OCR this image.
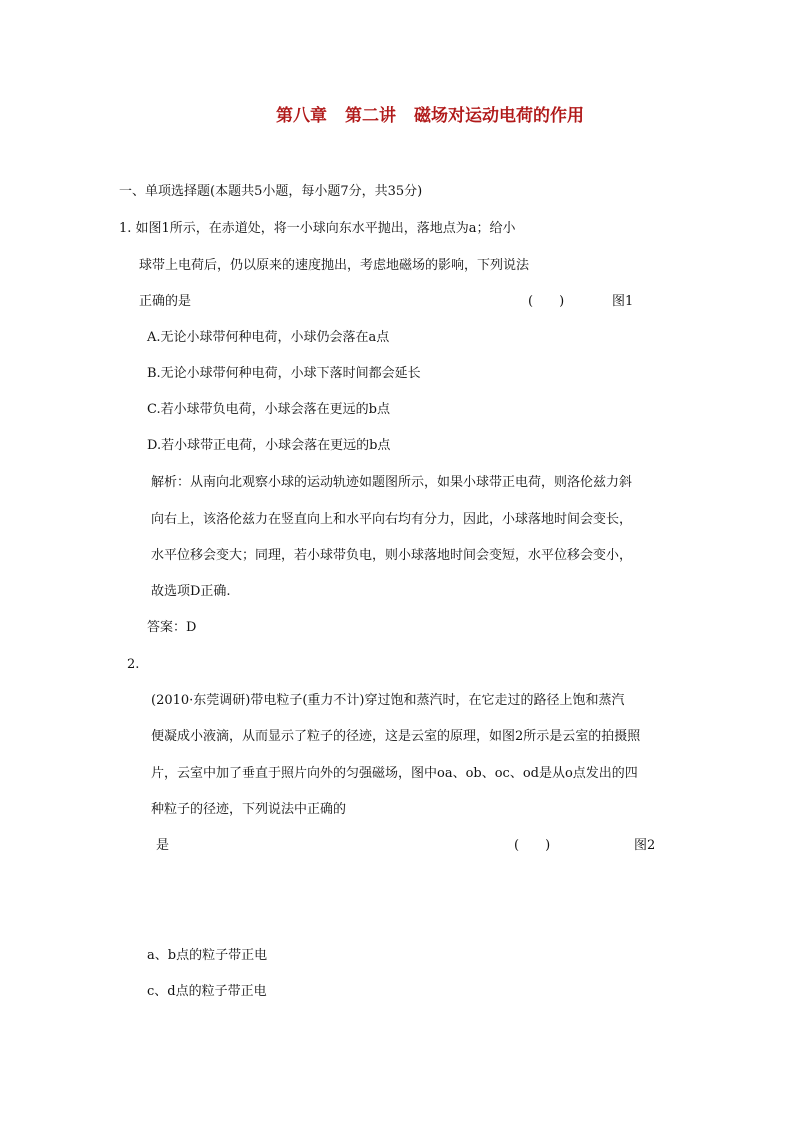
第八章 第二讲 磁场对运动电荷的作用
一、单项选择题(本题共5小题，每小题7分，共35分)
1. 如图1所示，在赤道处，将一小球向东水平抛出，落地点为a；给小
球带上电荷后，仍以原来的速度抛出，考虑地磁场的影响，下列说法
正确的是	(　　)	图1
A.无论小球带何种电荷，小球仍会落在a点
B.无论小球带何种电荷，小球下落时间都会延长
C.若小球带负电荷，小球会落在更远的b点
D.若小球带正电荷，小球会落在更远的b点
解析：从南向北观察小球的运动轨迹如题图所示，如果小球带正电荷，则洛伦兹力斜
向右上，该洛伦兹力在竖直向上和水平向右均有分力，因此，小球落地时间会变长，
水平位移会变大；同理，若小球带负电，则小球落地时间会变短，水平位移会变小，
故选项D正确.
答案：D
2.
(2010·东莞调研)带电粒子(重力不计)穿过饱和蒸汽时，在它走过的路径上饱和蒸汽
便凝成小液滴，从而显示了粒子的径迹，这是云室的原理，如图2所示是云室的拍摄照
片，云室中加了垂直于照片向外的匀强磁场，图中oa、ob、oc、od是从o点发出的四
种粒子的径迹，下列说法中正确的
是	(　　)	图2
a、b点的粒子带正电
c、d点的粒子带正电
